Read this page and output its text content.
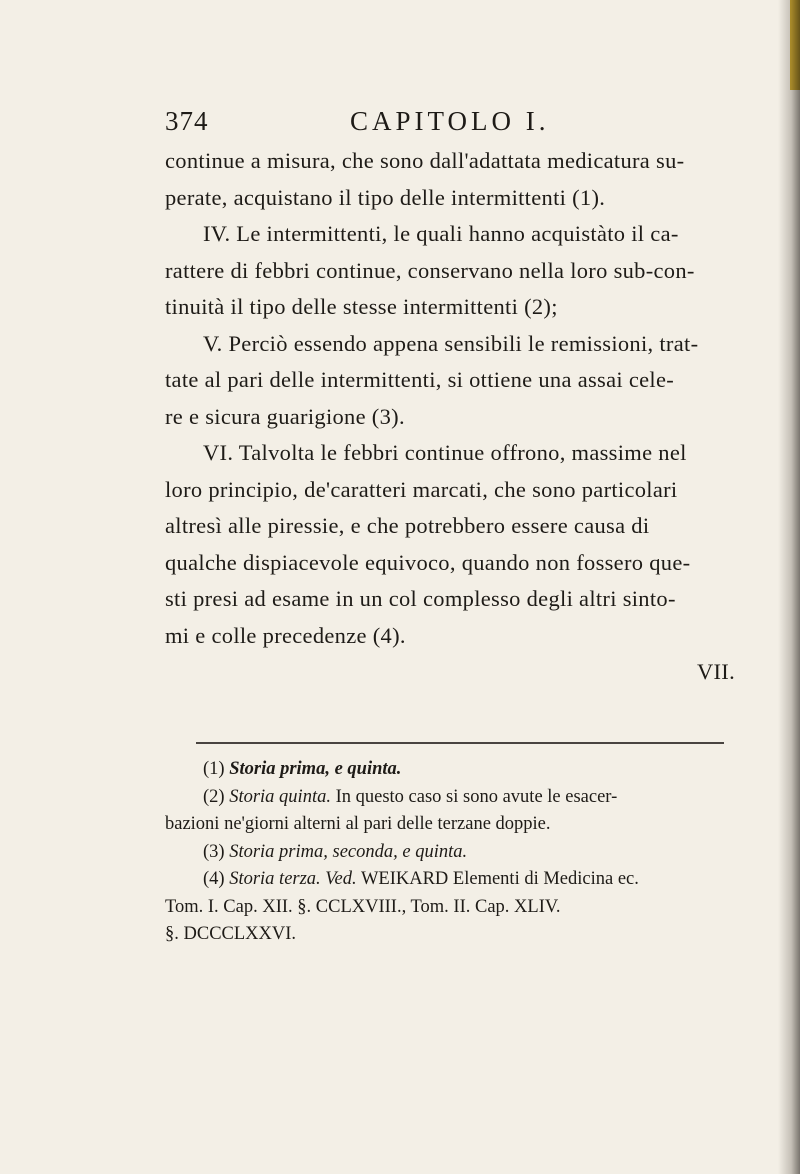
374	CAPITOLO I.
continue a misura, che sono dall'adattata medicatura su-
perate, acquistano il tipo delle intermittenti (1).
IV. Le intermittenti, le quali hanno acquistàto il ca-
rattere di febbri continue, conservano nella loro sub-con-
tinuità il tipo delle stesse intermittenti (2);
V. Perciò essendo appena sensibili le remissioni, trat-
tate al pari delle intermittenti, si ottiene una assai cele-
re e sicura guarigione (3).
VI. Talvolta le febbri continue offrono, massime nel
loro principio, de'caratteri marcati, che sono particolari
altresì alle piressie, e che potrebbero essere causa di
qualche dispiacevole equivoco, quando non fossero que-
sti presi ad esame in un col complesso degli altri sinto-
mi e colle precedenze (4).
VII.
(1) Storia prima, e quinta.
(2) Storia quinta. In questo caso si sono avute le esacer-
bazioni ne'giorni alterni al pari delle terzane doppie.
(3) Storia prima, seconda, e quinta.
(4) Storia terza. Ved. WEIKARD Elementi di Medicina ec.
Tom. I. Cap. XII. §. CCLXVIII., Tom. II. Cap. XLIV.
§. DCCCLXXVI.
